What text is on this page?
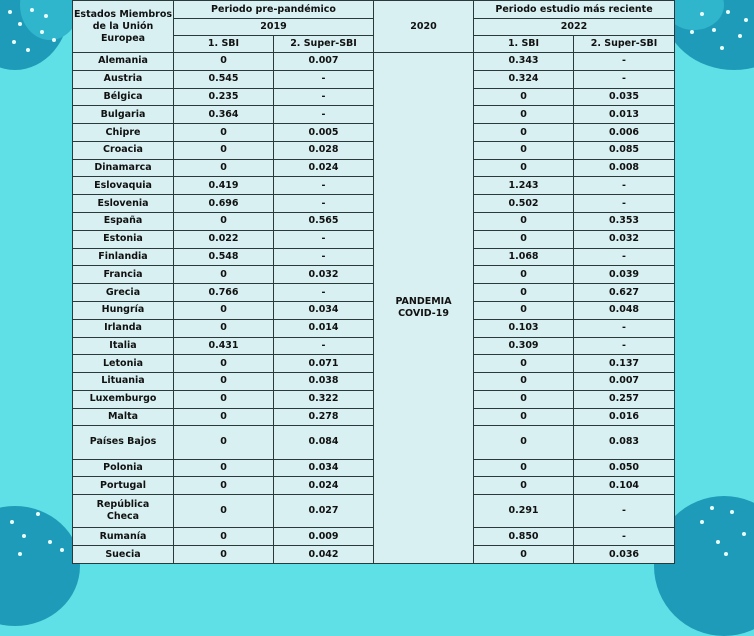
Estados Miembros de la Unión Europea	Periodo pre-pandémico		2020	Periodo estudio más reciente	
	2019			2022	
	1. SBI	2. Super-SBI		1. SBI	2. Super-SBI
Alemania	0	0.007	PANDEMIA COVID-19	0.343	-
Austria	0.545	-		0.324	-
Bélgica	0.235	-		0	0.035
Bulgaria	0.364	-		0	0.013
Chipre	0	0.005		0	0.006
Croacia	0	0.028		0	0.085
Dinamarca	0	0.024		0	0.008
Eslovaquia	0.419	-		1.243	-
Eslovenia	0.696	-		0.502	-
España	0	0.565		0	0.353
Estonia	0.022	-		0	0.032
Finlandia	0.548	-		1.068	-
Francia	0	0.032		0	0.039
Grecia	0.766	-		0	0.627
Hungría	0	0.034		0	0.048
Irlanda	0	0.014		0.103	-
Italia	0.431	-		0.309	-
Letonia	0	0.071		0	0.137
Lituania	0	0.038		0	0.007
Luxemburgo	0	0.322		0	0.257
Malta	0	0.278		0	0.016
Países Bajos	0	0.084		0	0.083
Polonia	0	0.034		0	0.050
Portugal	0	0.024		0	0.104
República Checa	0	0.027		0.291	-
Rumanía	0	0.009		0.850	-
Suecia	0	0.042		0	0.036
